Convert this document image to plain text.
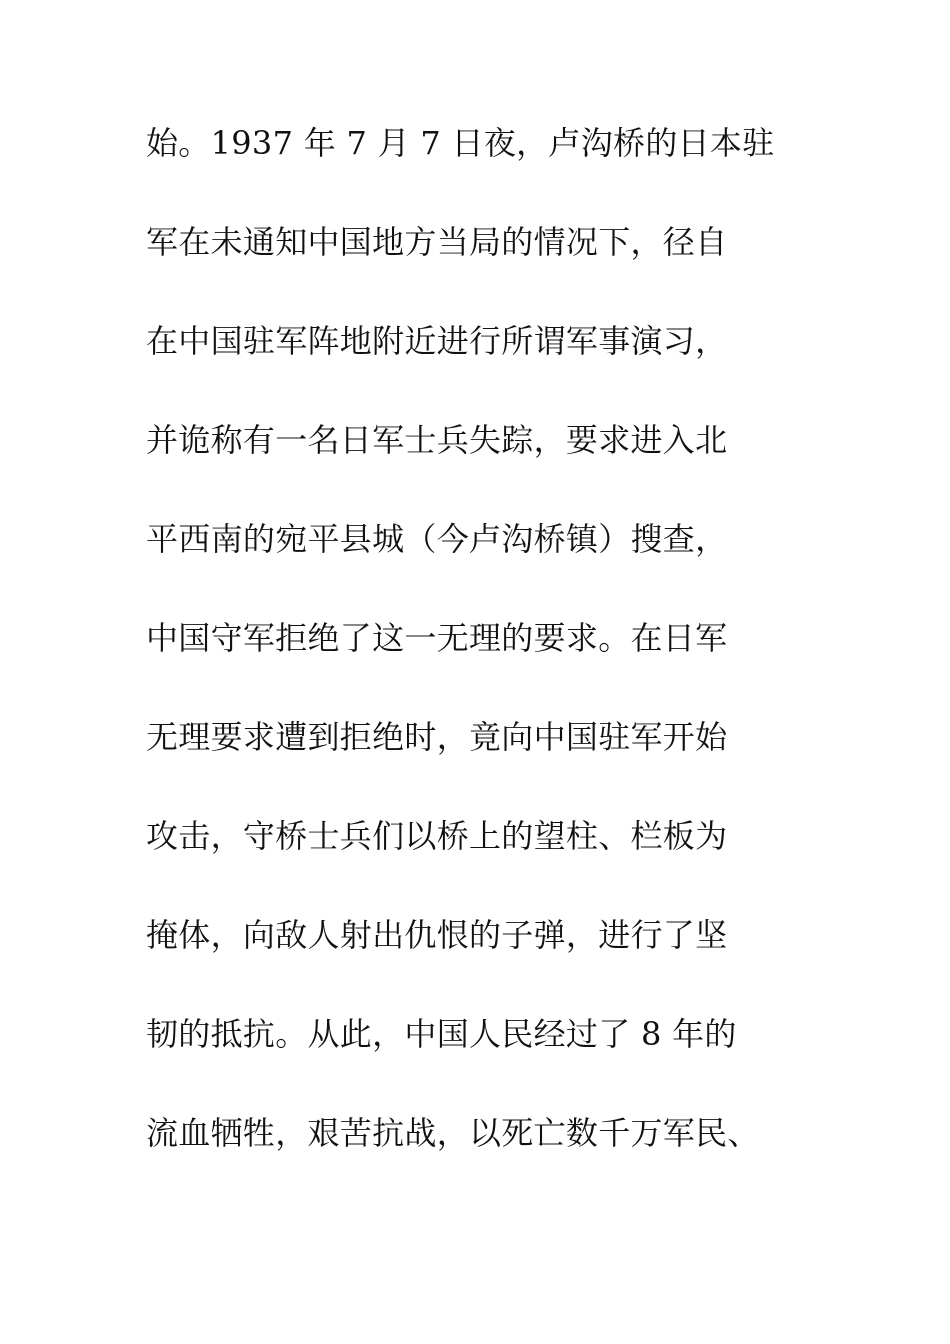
始。1937 年 7 月 7 日夜，卢沟桥的日本驻
军在未通知中国地方当局的情况下，径自
在中国驻军阵地附近进行所谓军事演习，
并诡称有一名日军士兵失踪，要求进入北
平西南的宛平县城（今卢沟桥镇）搜查，
中国守军拒绝了这一无理的要求。在日军
无理要求遭到拒绝时，竟向中国驻军开始
攻击，守桥士兵们以桥上的望柱、栏板为
掩体，向敌人射出仇恨的子弹，进行了坚
韧的抵抗。从此，中国人民经过了 8 年的
流血牺牲，艰苦抗战，以死亡数千万军民、
